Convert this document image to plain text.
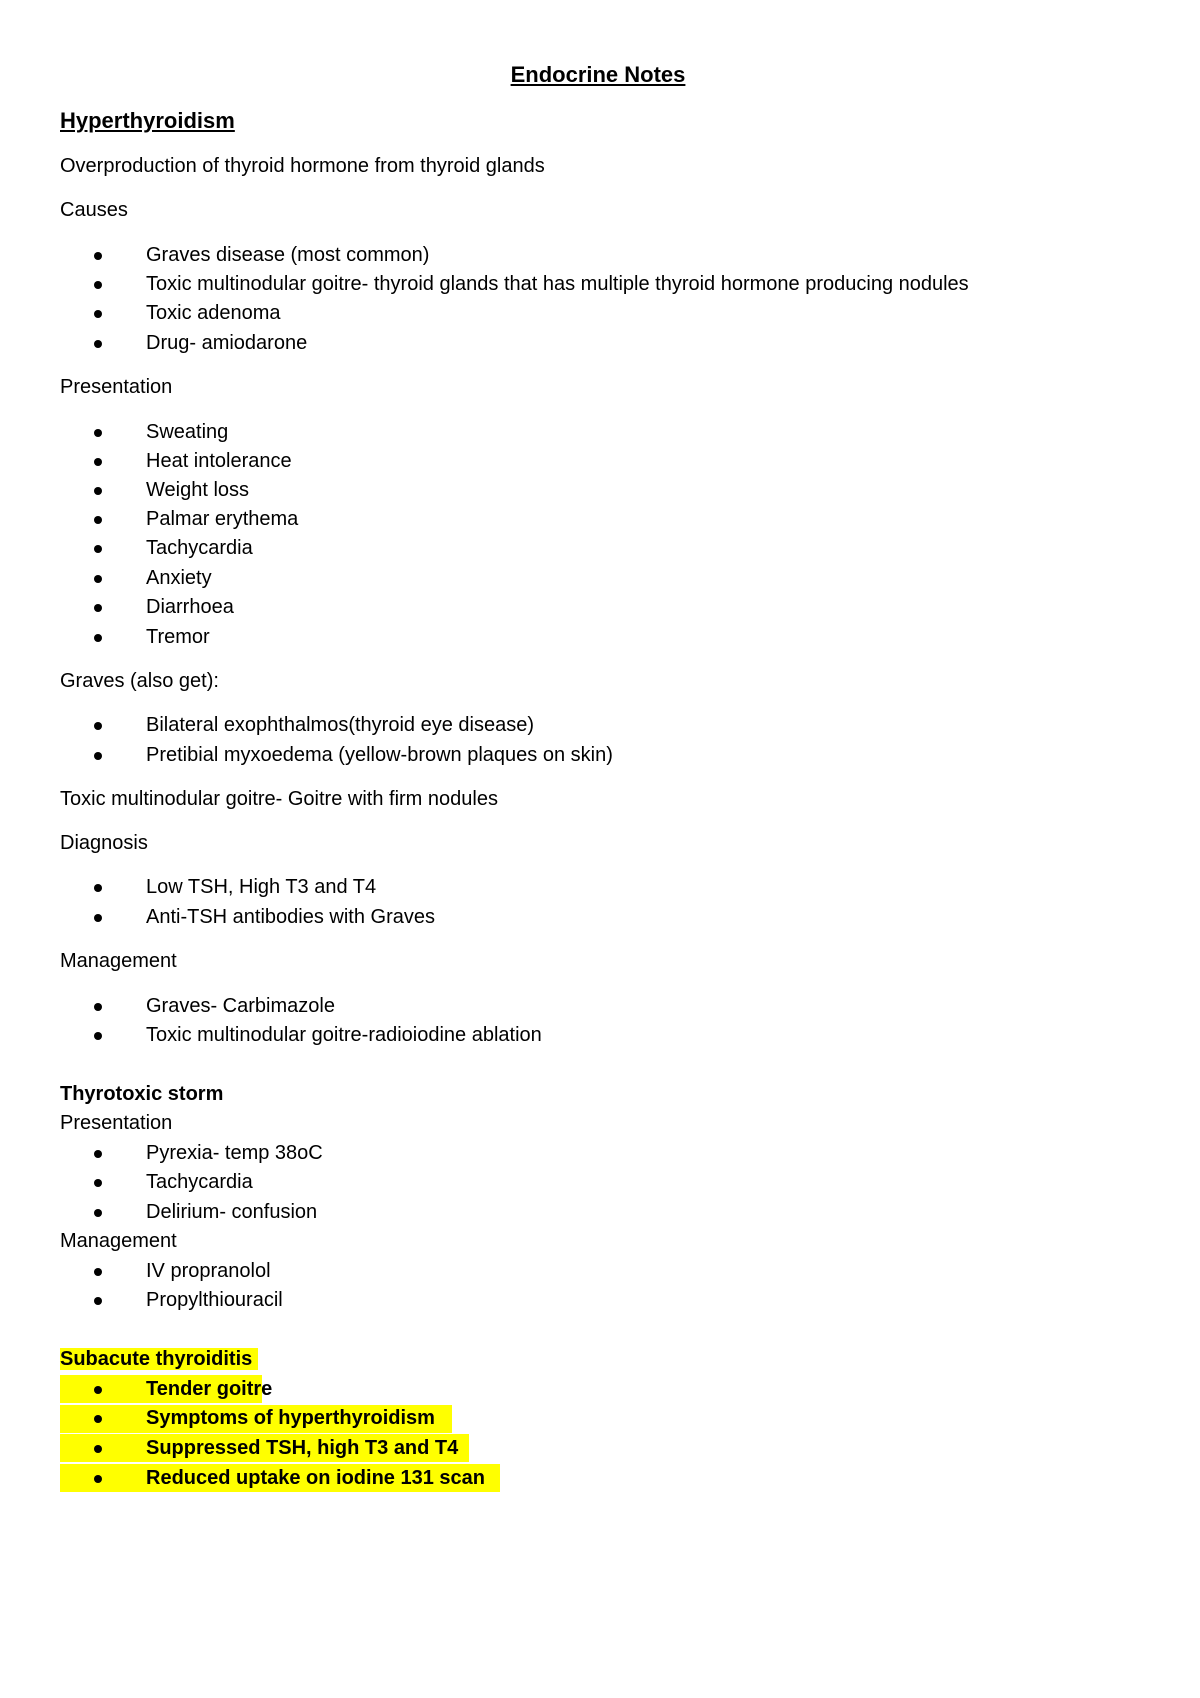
Endocrine Notes
Hyperthyroidism
Overproduction of thyroid hormone from thyroid glands
Causes
Graves disease (most common)
Toxic multinodular goitre- thyroid glands that has multiple thyroid hormone producing nodules
Toxic adenoma
Drug- amiodarone
Presentation
Sweating
Heat intolerance
Weight loss
Palmar erythema
Tachycardia
Anxiety
Diarrhoea
Tremor
Graves (also get):
Bilateral exophthalmos(thyroid eye disease)
Pretibial myxoedema (yellow-brown plaques on skin)
Toxic multinodular goitre- Goitre with firm nodules
Diagnosis
Low TSH, High T3 and T4
Anti-TSH antibodies with Graves
Management
Graves- Carbimazole
Toxic multinodular goitre-radioiodine ablation
Thyrotoxic storm
Presentation
Pyrexia- temp 38oC
Tachycardia
Delirium- confusion
Management
IV propranolol
Propylthiouracil
Subacute thyroiditis
Tender goitre
Symptoms of hyperthyroidism
Suppressed TSH, high T3 and T4
Reduced uptake on iodine 131 scan
